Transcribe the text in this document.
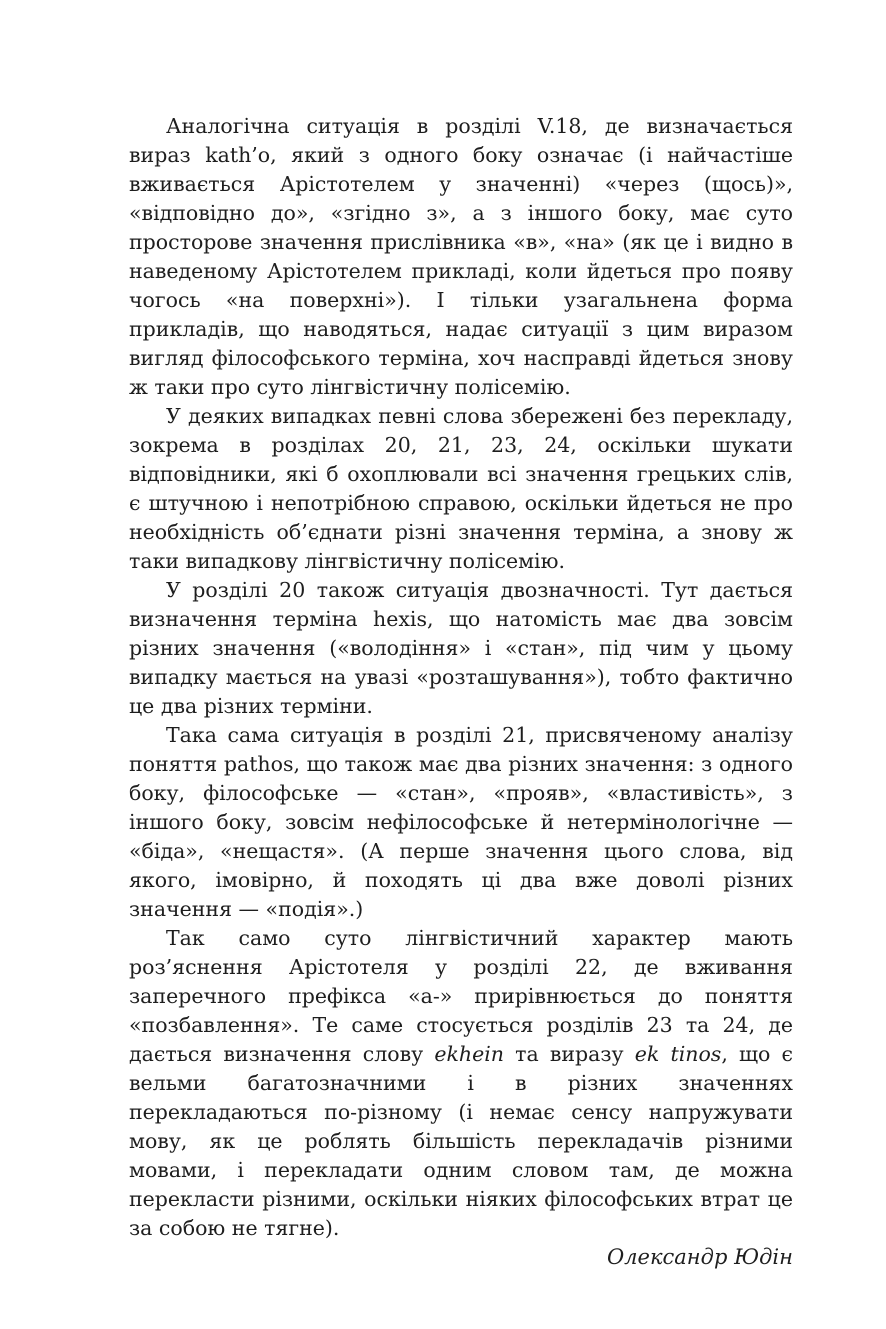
Аналогічна ситуація в розділі V.18, де визначається вираз kath’o, який з одного боку означає (і найчастіше вживається Арістотелем у значенні) «через (щось)», «відповідно до», «згідно з», а з іншого боку, має суто просторове значення прислівника «в», «на» (як це і видно в наведеному Арістотелем прикладі, коли йдеться про появу чогось «на поверхні»). І тільки узагальнена форма прикладів, що наводяться, надає ситуації з цим виразом вигляд філософського терміна, хоч насправді йдеться знову ж таки про суто лінгвістичну полісемію.

У деяких випадках певні слова збережені без перекладу, зокрема в розділах 20, 21, 23, 24, оскільки шукати відповідники, які б охоплювали всі значення грецьких слів, є штучною і непотрібною справою, оскільки йдеться не про необхідність об’єднати різні значення терміна, а знову ж таки випадкову лінгвістичну полісемію.

У розділі 20 також ситуація двозначності. Тут дається визначення терміна hexis, що натомість має два зовсім різних значення («володіння» і «стан», під чим у цьому випадку мається на увазі «розташування»), тобто фактично це два різних терміни.

Така сама ситуація в розділі 21, присвяченому аналізу поняття pathos, що також має два різних значення: з одного боку, філософське — «стан», «прояв», «властивість», з іншого боку, зовсім нефілософське й нетермінологічне — «біда», «нещастя». (А перше значення цього слова, від якого, імовірно, й походять ці два вже доволі різних значення — «подія».)

Так само суто лінгвістичний характер мають роз’яснення Арістотеля у розділі 22, де вживання заперечного префікса «а-» прирівнюється до поняття «позбавлення». Те саме стосується розділів 23 та 24, де дається визначення слову ekhein та виразу ek tinos, що є вельми багатозначними і в різних значеннях перекладаються по-різному (і немає сенсу напружувати мову, як це роблять більшість перекладачів різними мовами, і перекладати одним словом там, де можна перекласти різними, оскільки ніяких філософських втрат це за собою не тягне).

Олександр Юдін
